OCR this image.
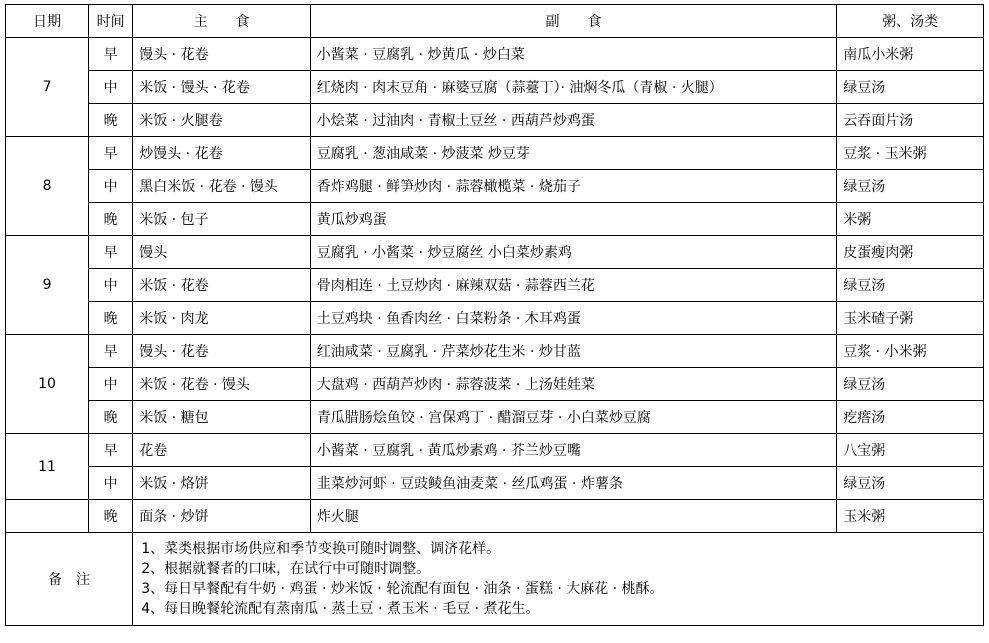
日期	时间	主　　食	副　　食	粥、汤类
7	早	馒头 · 花卷	小酱菜 · 豆腐乳 · 炒黄瓜 · 炒白菜	南瓜小米粥
	中	米饭 · 馒头 · 花卷	红烧肉 · 肉末豆角 · 麻婆豆腐（蒜薹丁）· 油焖冬瓜（青椒 · 火腿）	绿豆汤
	晚	米饭 · 火腿卷	小烩菜 · 过油肉 · 青椒土豆丝 · 西葫芦炒鸡蛋	云吞面片汤
8	早	炒馒头 · 花卷	豆腐乳 · 葱油咸菜 · 炒菠菜 炒豆芽	豆浆 · 玉米粥
	中	黑白米饭 · 花卷 · 馒头	香炸鸡腿 · 鲜笋炒肉 · 蒜蓉橄榄菜 · 烧茄子	绿豆汤
	晚	米饭 · 包子	黄瓜炒鸡蛋	米粥
9	早	馒头	豆腐乳 · 小酱菜 · 炒豆腐丝 小白菜炒素鸡	皮蛋瘦肉粥
	中	米饭 · 花卷	骨肉相连 · 土豆炒肉 · 麻辣双菇 · 蒜蓉西兰花	绿豆汤
	晚	米饭 · 肉龙	土豆鸡块 · 鱼香肉丝 · 白菜粉条 · 木耳鸡蛋	玉米碴子粥
10	早	馒头 · 花卷	红油咸菜 · 豆腐乳 · 芹菜炒花生米 · 炒甘蓝	豆浆 · 小米粥
	中	米饭 · 花卷 · 馒头	大盘鸡 · 西葫芦炒肉 · 蒜蓉菠菜 · 上汤娃娃菜	绿豆汤
	晚	米饭 · 糖包	青瓜腊肠烩鱼饺 · 宫保鸡丁 · 醋溜豆芽 · 小白菜炒豆腐	疙瘩汤
11	早	花卷	小酱菜 · 豆腐乳 · 黄瓜炒素鸡 · 芥兰炒豆嘴	八宝粥
	中	米饭 · 烙饼	韭菜炒河虾 · 豆豉鲮鱼油麦菜 · 丝瓜鸡蛋 · 炸薯条	绿豆汤
	晚	面条 · 炒饼	炸火腿	玉米粥
备　注		1、菜类根据市场供应和季节变换可随时调整、调济花样。
2、根据就餐者的口味，在试行中可随时调整。
3、每日早餐配有牛奶 · 鸡蛋 · 炒米饭 · 轮流配有面包 · 油条 · 蛋糕 · 大麻花 · 桃酥。
4、每日晚餐轮流配有蒸南瓜 · 蒸土豆 · 煮玉米 · 毛豆 · 煮花生。		
